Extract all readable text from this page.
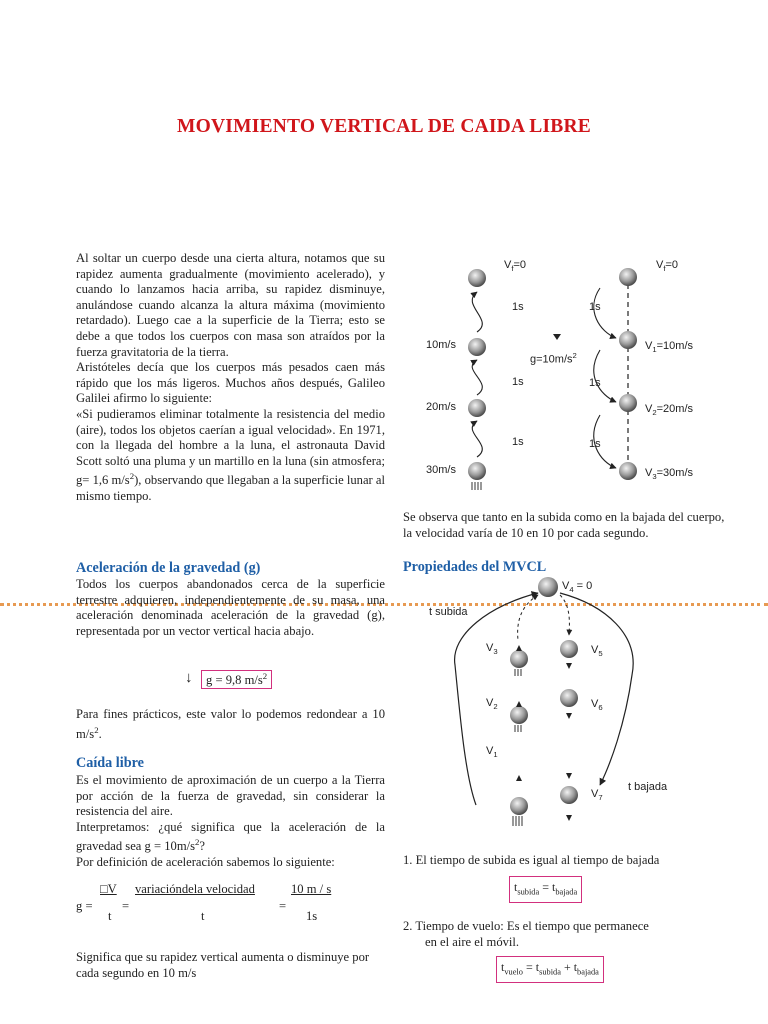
MOVIMIENTO VERTICAL DE CAIDA LIBRE

Al soltar un cuerpo desde una cierta altura, notamos que su rapidez aumenta gradualmente (movimiento acelerado), y cuando lo lanzamos hacia arriba, su rapidez disminuye, anulándose cuando alcanza la altura máxima (movimiento retardado). Luego cae a la superficie de la Tierra; esto se debe a que todos los cuerpos con masa son atraídos por la fuerza gravitatoria de la tierra.

Aristóteles decía que los cuerpos más pesados caen más rápido que los más ligeros. Muchos años después, Galileo Galilei afirmo lo siguiente:

«Si pudieramos eliminar totalmente la resistencia del medio (aire), todos los objetos caerían a igual velocidad». En 1971, con la llegada del hombre a la luna, el astronauta David Scott soltó una pluma y un martillo en la luna (sin atmosfera; g= 1,6 $m/s^2$), observando que llegaban a la superficie lunar al mismo tiempo.

$V_f=0$	$V_f=0$
1s
1s
1s
1s
1s
1s
10m/s
20m/s
30m/s
$g=10m/s^2$
$V_1=10m/s$
$V_2=20m/s$
$V_3=30m/s$
Se observa que tanto en la subida como en la bajada del cuerpo, la velocidad varía de 10 en 10 por cada segundo.
Aceleración de la gravedad (g)
Todos los cuerpos abandonados cerca de la superficie terrestre adquieren, independientemente de su masa, una aceleración denominada aceleración de la gravedad (g), representada por un vector vertical hacia abajo.
↓	g = 9,8 $m/s^2$
Para fines prácticos, este valor lo podemos redondear a 10 $m/s^2$.
Caída libre

Es el movimiento de aproximación de un cuerpo a la Tierra por acción de la fuerza de gravedad, sin considerar la resistencia del aire.

Interpretamos: ¿qué significa que la aceleración de la gravedad sea $g = 10m/s^2$?

Por definición de aceleración sabemos lo siguiente:

g =
□V
t
=
variacióndela velocidad
t
=
10 m / s
1s
Significa que su rapidez vertical aumenta o disminuye por cada segundo en 10 m/s
Propiedades del MVCL
$V_4 = 0$
t subida
t bajada
$V_3$	$V_5$
$V_2$	$V_6$
$V_1$
$V_7$
1. El tiempo de subida es igual al tiempo de bajada
$t_{subida} = t_{bajada}$
2. Tiempo de vuelo: Es el tiempo que permanece
en el aire el móvil.
$t_{vuelo} = t_{subida} + t_{bajada}$
